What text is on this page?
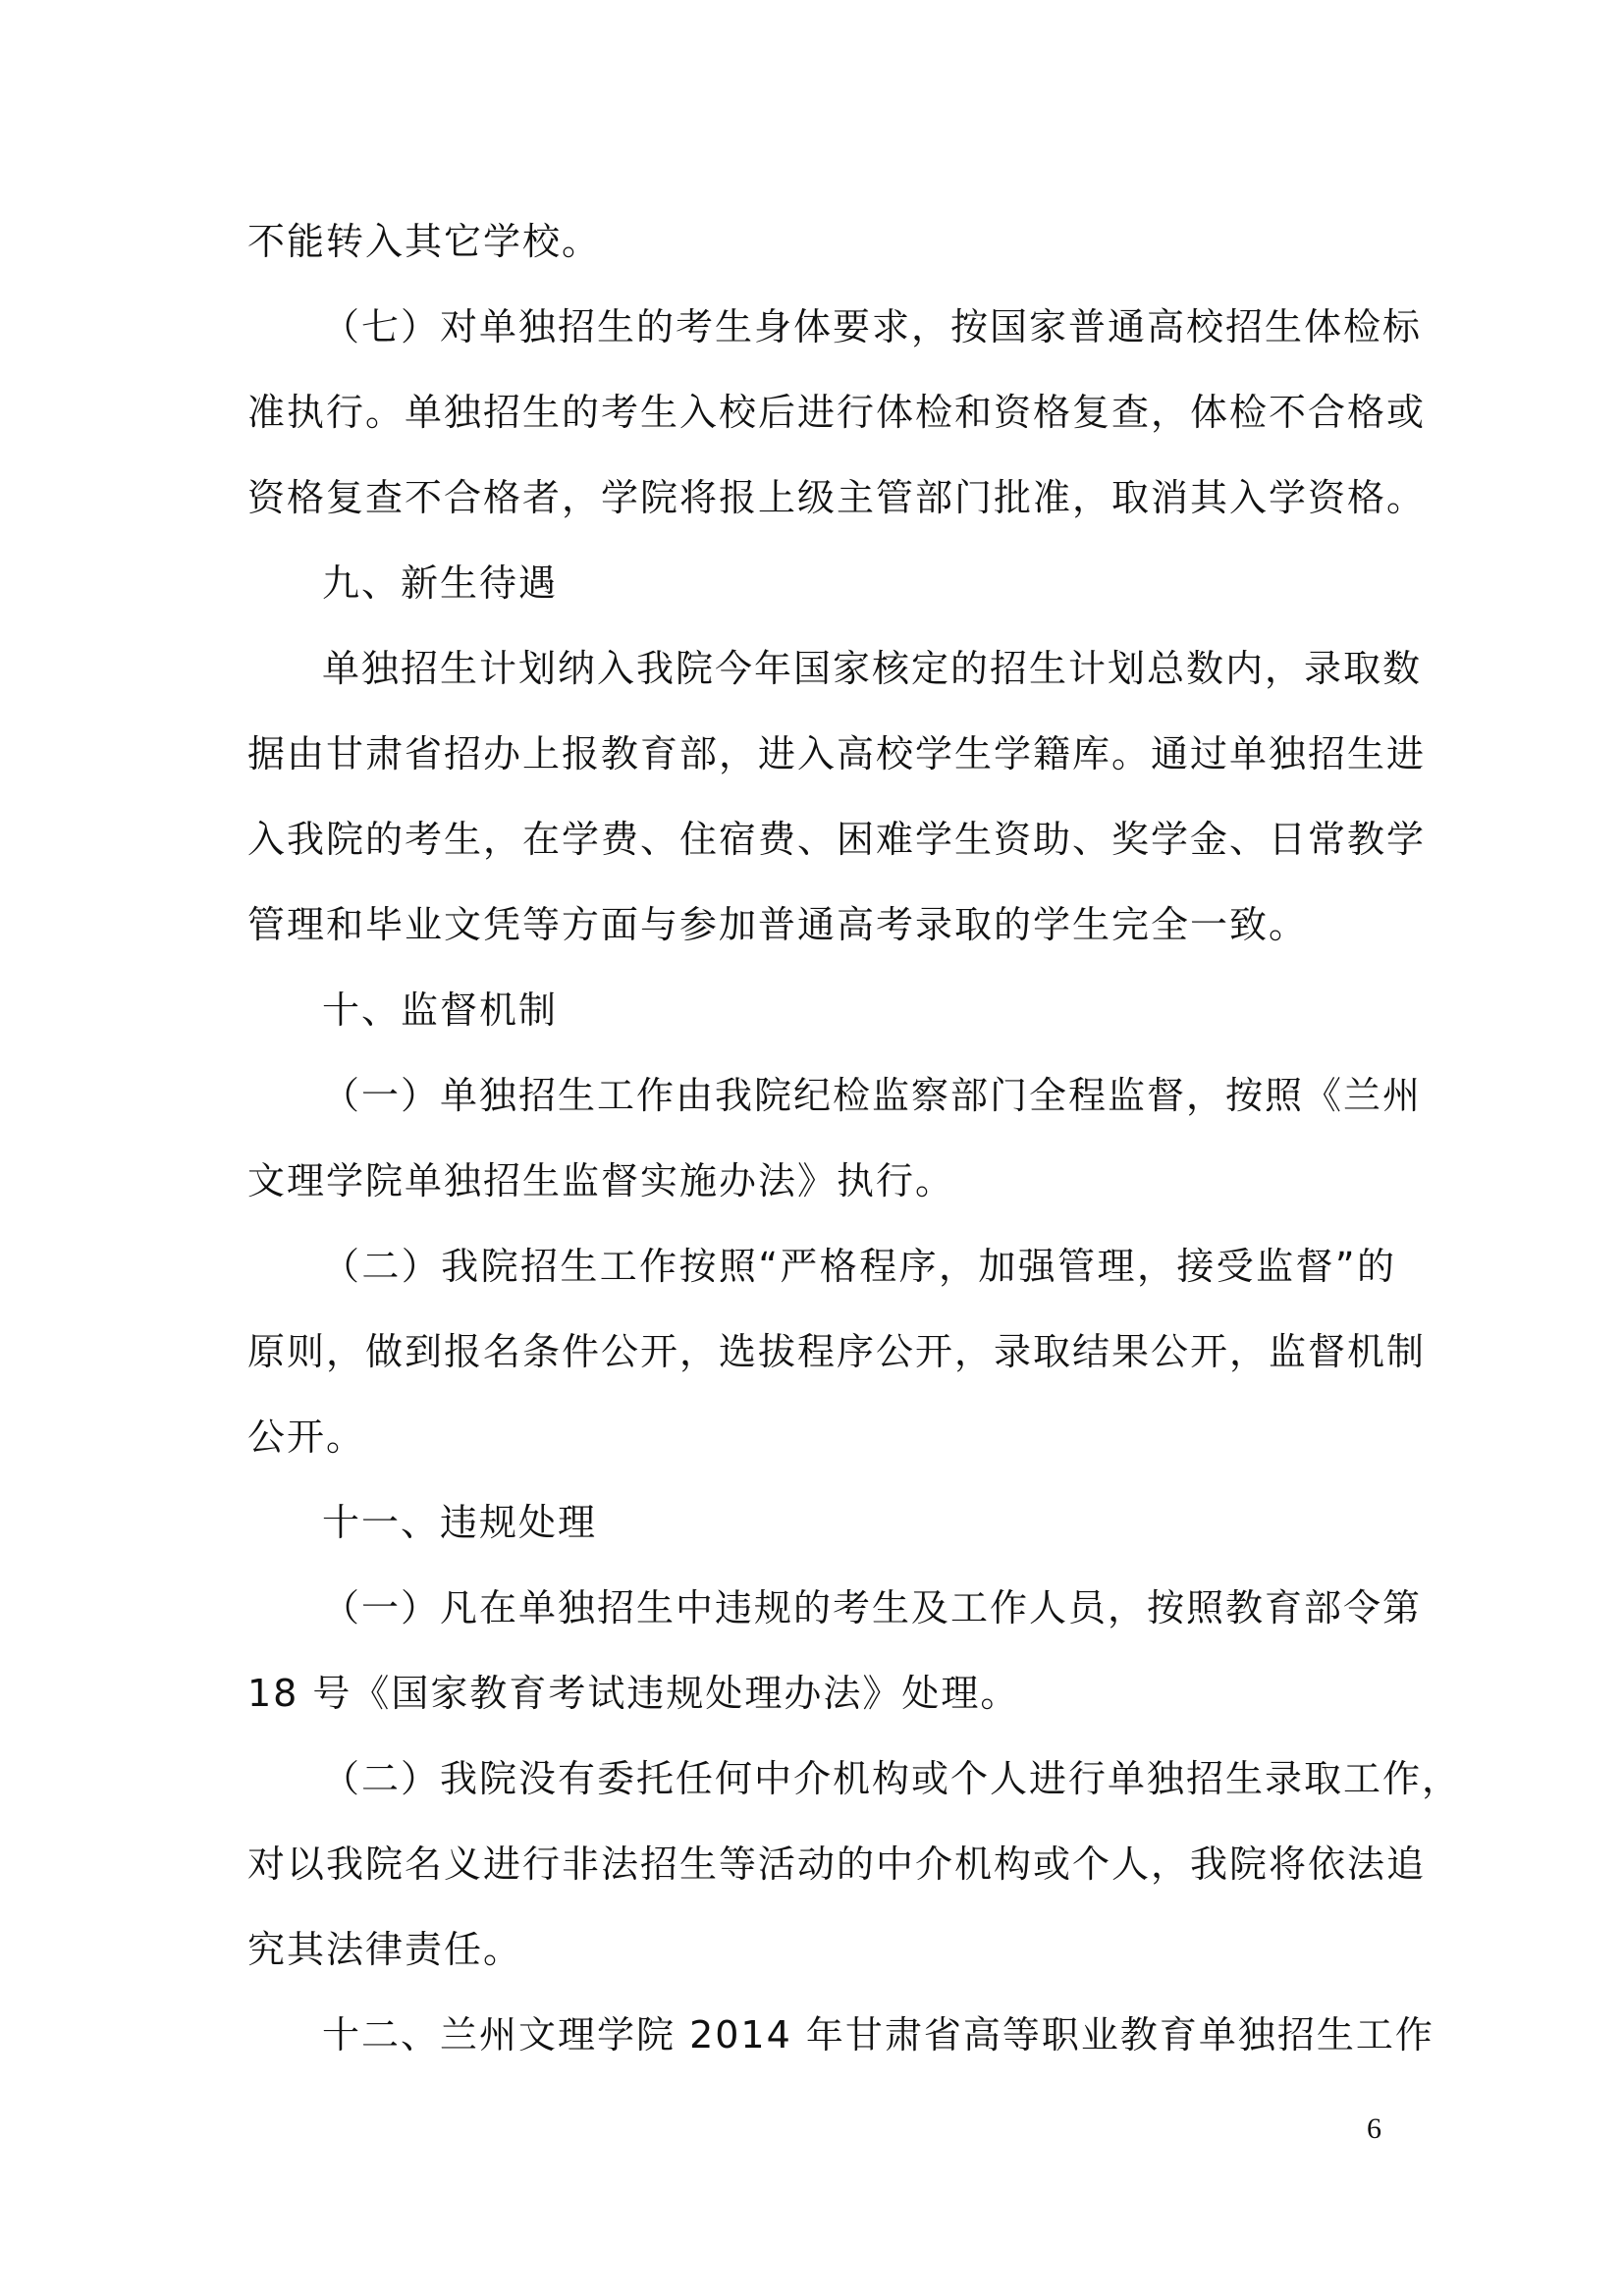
不能转入其它学校。
（七）对单独招生的考生身体要求，按国家普通高校招生体检标
准执行。单独招生的考生入校后进行体检和资格复查，体检不合格或
资格复查不合格者，学院将报上级主管部门批准，取消其入学资格。
九、新生待遇
单独招生计划纳入我院今年国家核定的招生计划总数内，录取数
据由甘肃省招办上报教育部，进入高校学生学籍库。通过单独招生进
入我院的考生，在学费、住宿费、困难学生资助、奖学金、日常教学
管理和毕业文凭等方面与参加普通高考录取的学生完全一致。
十、监督机制
（一）单独招生工作由我院纪检监察部门全程监督，按照《兰州
文理学院单独招生监督实施办法》执行。
（二）我院招生工作按照“严格程序，加强管理，接受监督”的
原则，做到报名条件公开，选拔程序公开，录取结果公开，监督机制
公开。
十一、违规处理
（一）凡在单独招生中违规的考生及工作人员，按照教育部令第
18 号《国家教育考试违规处理办法》处理。
（二）我院没有委托任何中介机构或个人进行单独招生录取工作，
对以我院名义进行非法招生等活动的中介机构或个人，我院将依法追
究其法律责任。
十二、兰州文理学院 2014 年甘肃省高等职业教育单独招生工作
6
